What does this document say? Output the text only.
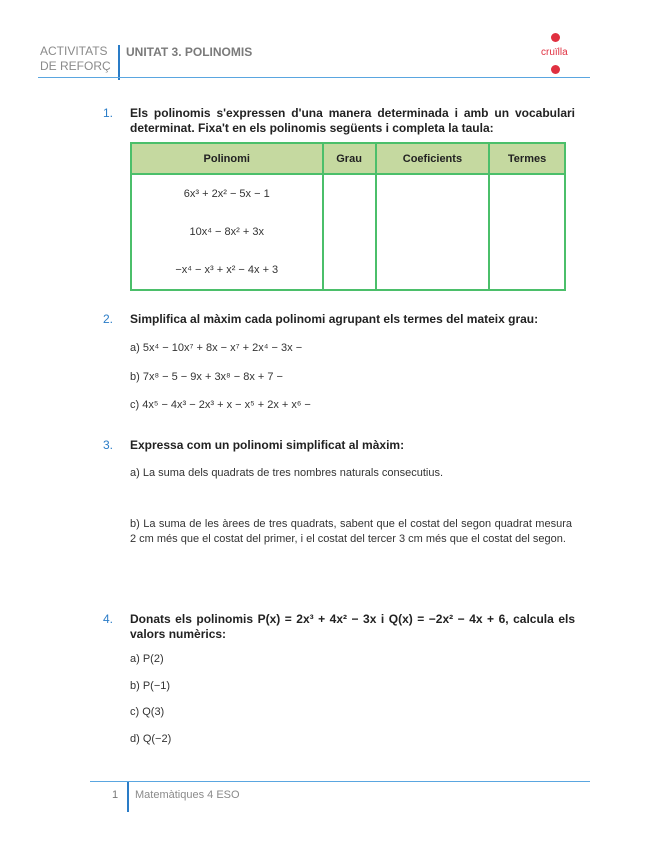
ACTIVITATS
DE REFORÇ
UNITAT 3. POLINOMIS	cruïlla
1. Els polinomis s'expressen d'una manera determinada i amb un vocabulari determinat. Fixa't en els polinomis següents i completa la taula:
Polinomi	Grau	Coeficients	Termes
6x³ + 2x² − 5x − 1			
10x⁴ − 8x² + 3x			
−x⁴ − x³ + x² − 4x + 3			
2. Simplifica al màxim cada polinomi agrupant els termes del mateix grau:
a) 5x⁴ − 10x⁷ + 8x − x⁷ + 2x⁴ − 3x −
b) 7x⁸ − 5 − 9x + 3x⁸ − 8x + 7 −
c) 4x⁵ − 4x³ − 2x³ + x − x⁵ + 2x + x⁶ −
3. Expressa com un polinomi simplificat al màxim:
a) La suma dels quadrats de tres nombres naturals consecutius.
b) La suma de les àrees de tres quadrats, sabent que el costat del segon quadrat mesura 2 cm més que el costat del primer, i el costat del tercer 3 cm més que el costat del segon.
4. Donats els polinomis P(x) = 2x³ + 4x² − 3x i Q(x) = −2x² − 4x + 6, calcula els valors numèrics:
a) P(2)
b) P(−1)
c) Q(3)
d) Q(−2)
1 Matemàtiques 4 ESO
